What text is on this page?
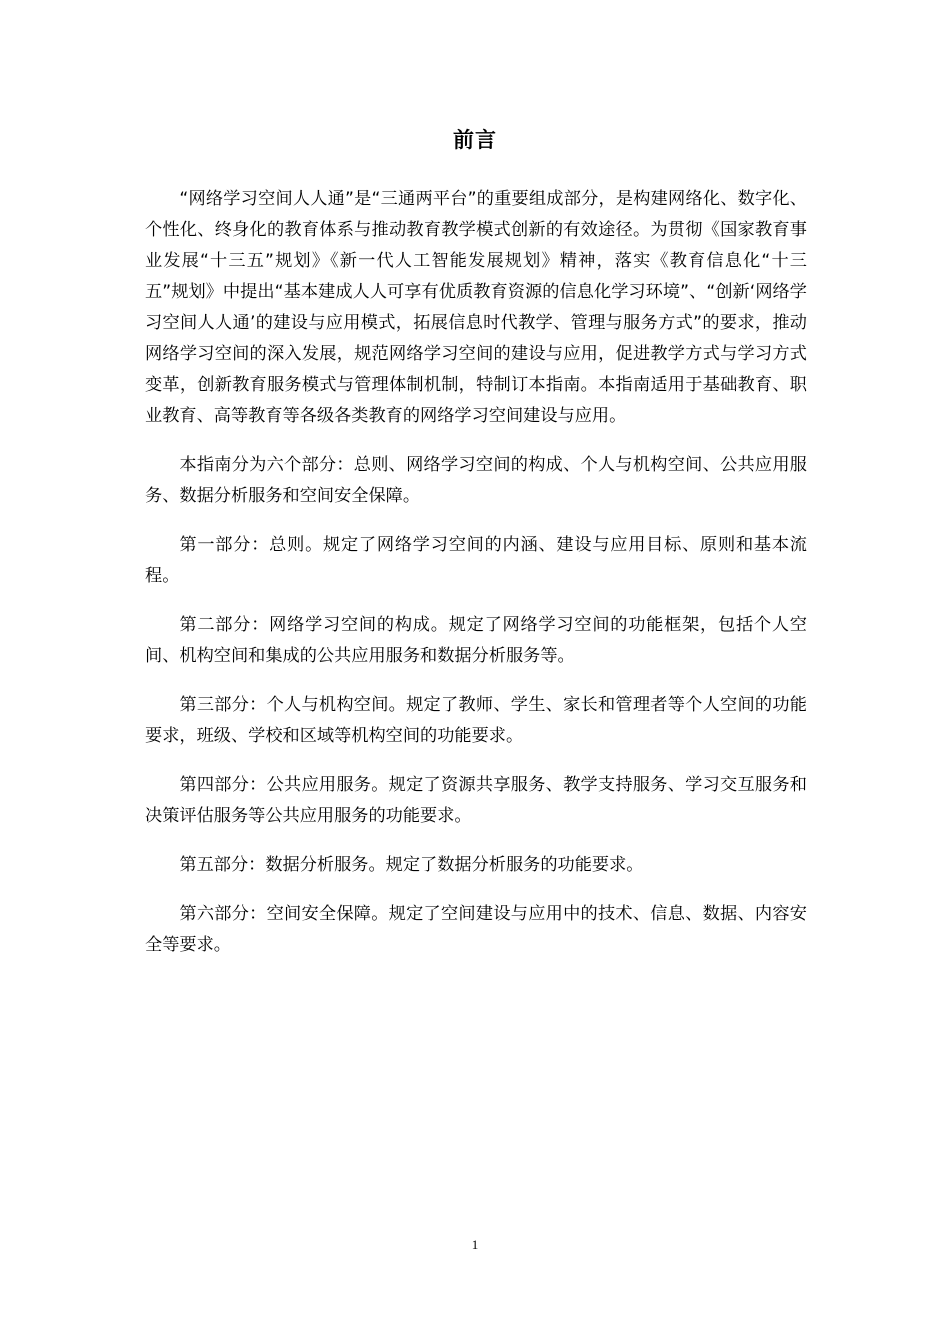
前言

“网络学习空间人人通”是“三通两平台”的重要组成部分，是构建网络化、数字化、个性化、终身化的教育体系与推动教育教学模式创新的有效途径。为贯彻《国家教育事业发展“十三五”规划》《新一代人工智能发展规划》精神，落实《教育信息化“十三五”规划》中提出“基本建成人人可享有优质教育资源的信息化学习环境”、“创新‘网络学习空间人人通’的建设与应用模式，拓展信息时代教学、管理与服务方式”的要求，推动网络学习空间的深入发展，规范网络学习空间的建设与应用，促进教学方式与学习方式变革，创新教育服务模式与管理体制机制，特制订本指南。本指南适用于基础教育、职业教育、高等教育等各级各类教育的网络学习空间建设与应用。

本指南分为六个部分：总则、网络学习空间的构成、个人与机构空间、公共应用服务、数据分析服务和空间安全保障。

第一部分：总则。规定了网络学习空间的内涵、建设与应用目标、原则和基本流程。

第二部分：网络学习空间的构成。规定了网络学习空间的功能框架，包括个人空间、机构空间和集成的公共应用服务和数据分析服务等。

第三部分：个人与机构空间。规定了教师、学生、家长和管理者等个人空间的功能要求，班级、学校和区域等机构空间的功能要求。

第四部分：公共应用服务。规定了资源共享服务、教学支持服务、学习交互服务和决策评估服务等公共应用服务的功能要求。

第五部分：数据分析服务。规定了数据分析服务的功能要求。

第六部分：空间安全保障。规定了空间建设与应用中的技术、信息、数据、内容安全等要求。

1
